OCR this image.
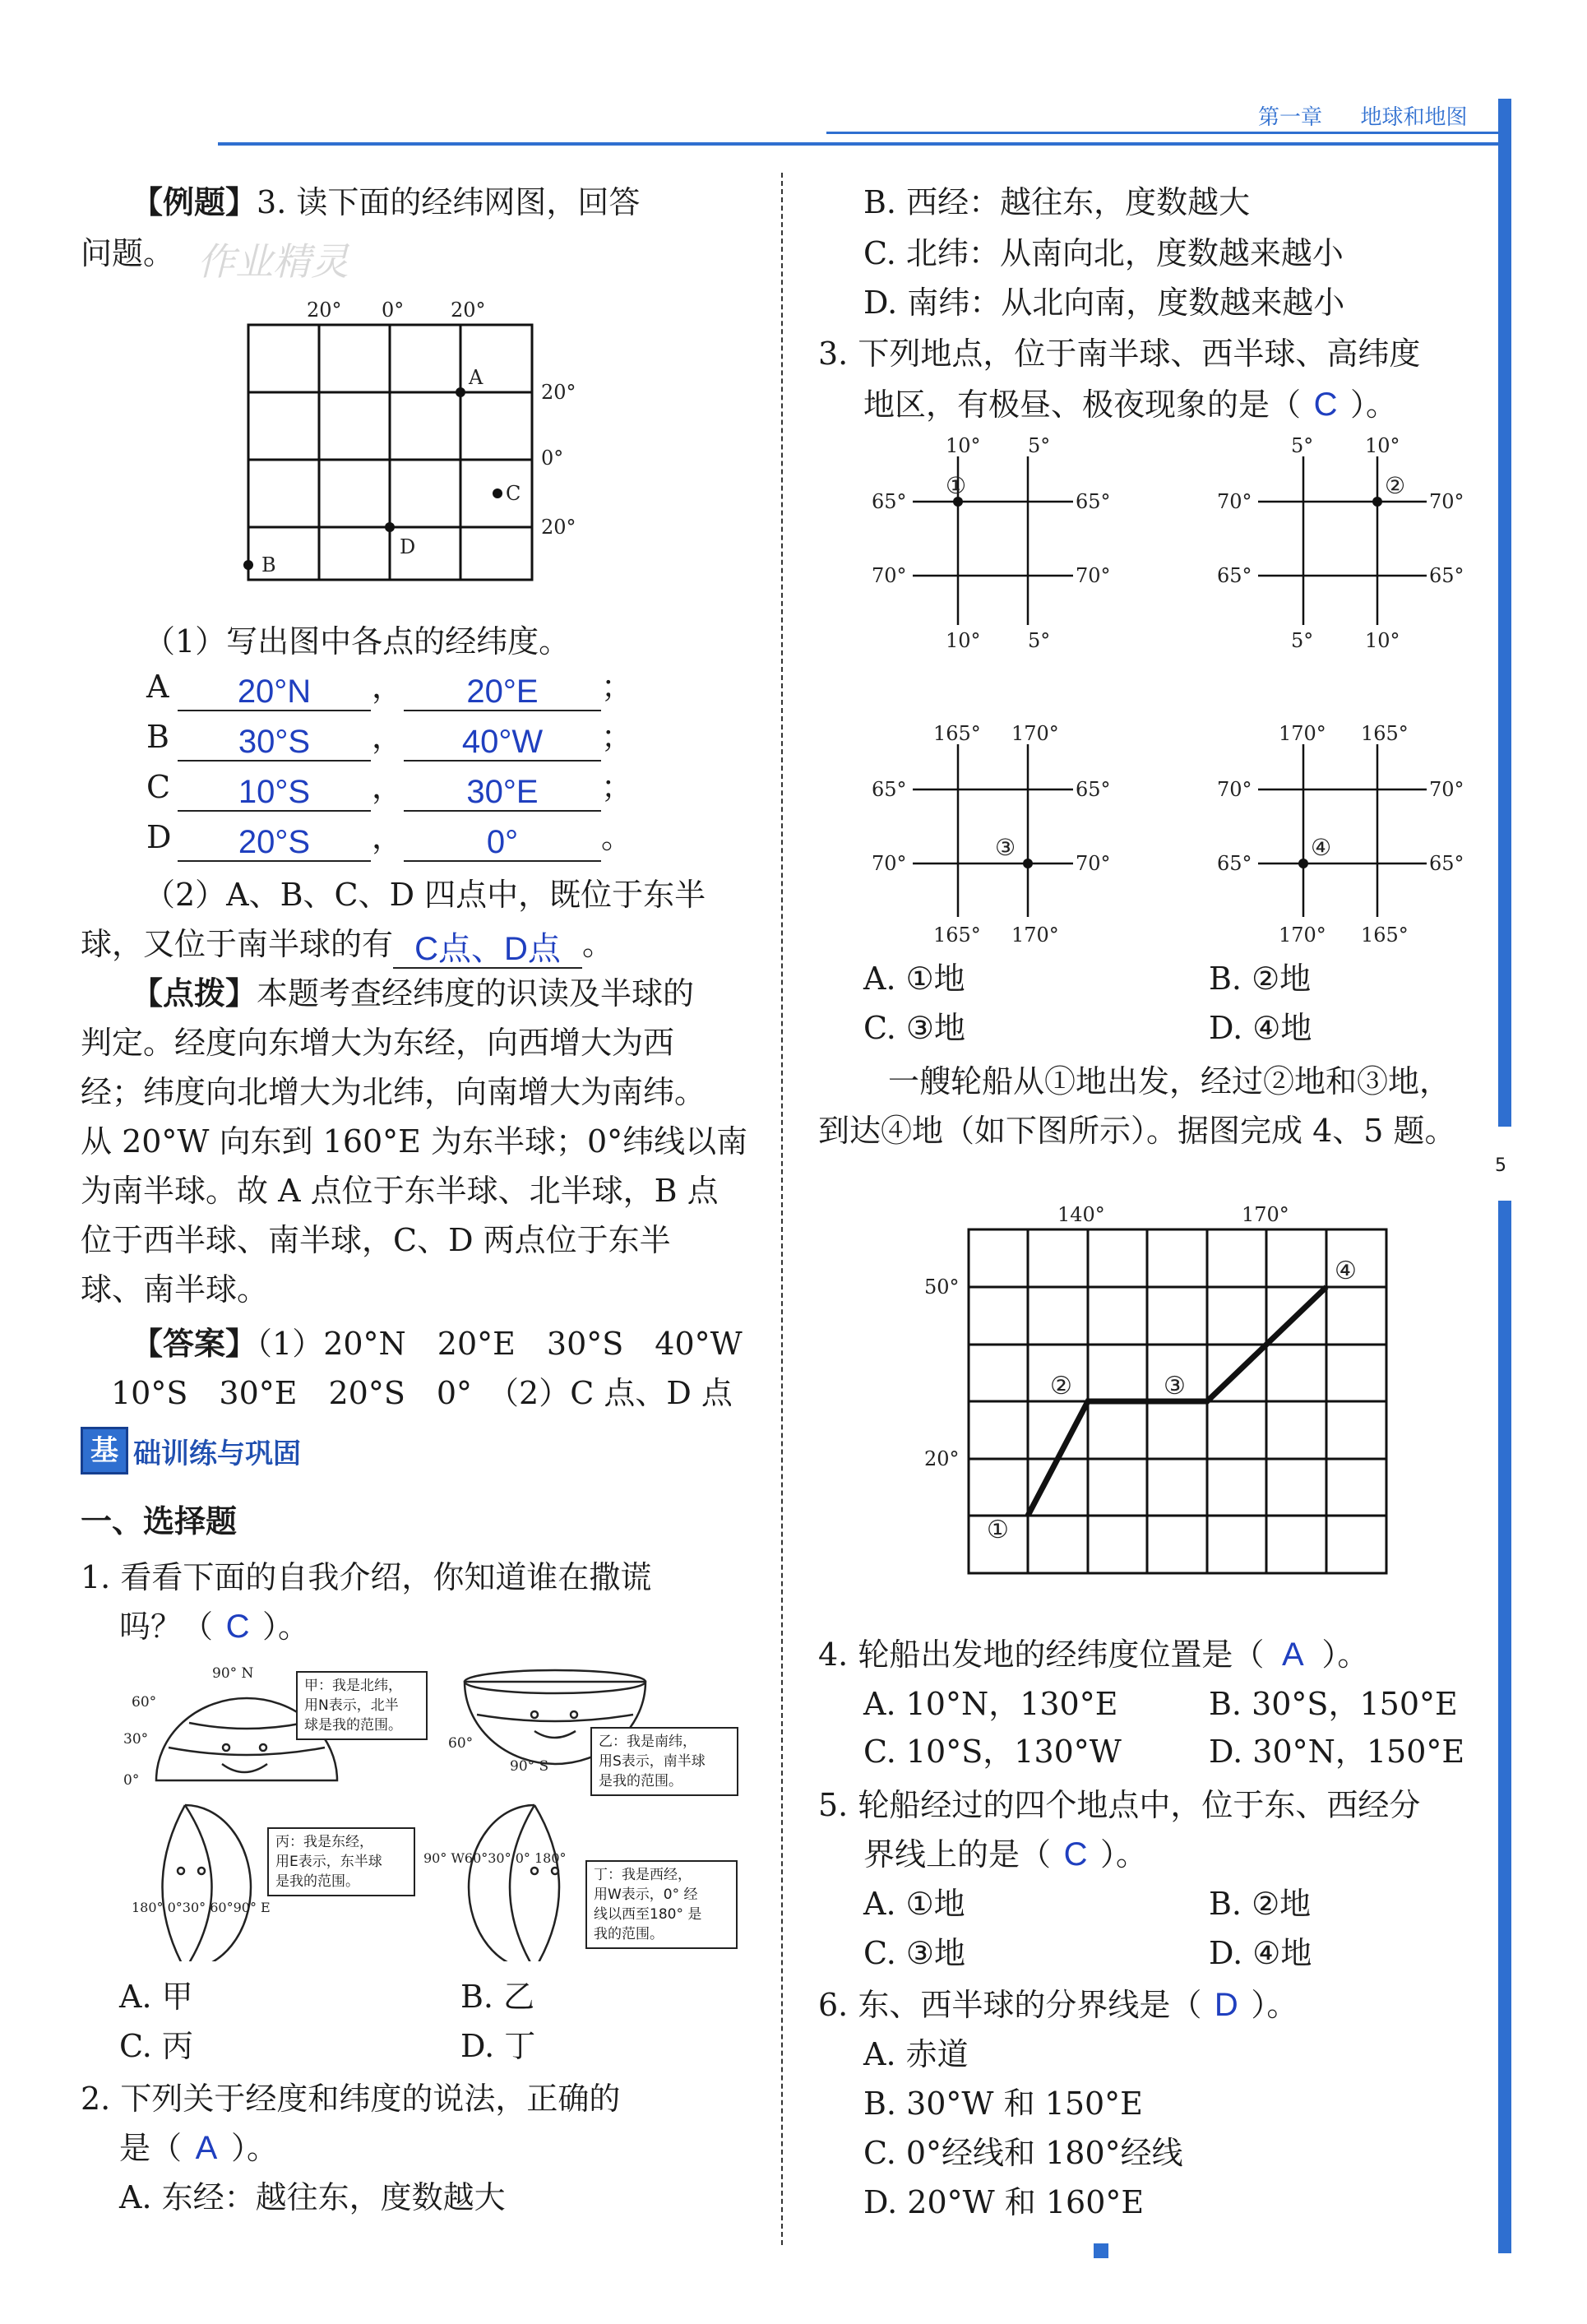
第一章 地球和地图
5
【例题】3. 读下面的经纬网图，回答
问题。 作业精灵
20° 0° 20°
20°
0°
20°
A
B
C
D
（1）写出图中各点的经纬度。
A 20°N ， 20°E ；
B 30°S ， 40°W ；
C 10°S ， 30°E ；
D 20°S ，	0°	。
（2）A、B、C、D 四点中，既位于东半
球，又位于南半球的有 C点、D点 。
【点拨】本题考查经纬度的识读及半球的
判定。经度向东增大为东经，向西增大为西
经；纬度向北增大为北纬，向南增大为南纬。
从 20°W 向东到 160°E 为东半球；0°纬线以南
为南半球。故 A 点位于东半球、北半球，B 点
位于西半球、南半球，C、D 两点位于东半
球、南半球。
【答案】（1）20°N　20°E　30°S　40°W
10°S　30°E　20°S　0°　（2）C 点、D 点
基 础训练与巩固
一、选择题
1. 看看下面的自我介绍，你知道谁在撒谎
吗？（ C ）。
90° N
60°
30°
0°
60°
90° S
180° 0°30° 60°90° E
90° W60°30° 0° 180°
甲：我是北纬，
用N表示，北半
球是我的范围。
乙：我是南纬，
用S表示，南半球
是我的范围。
丙：我是东经，
用E表示，东半球
是我的范围。	丁：我是西经，
用W表示，0° 经
线以西至180° 是
我的范围。
A. 甲	B. 乙
C. 丙	D. 丁
2. 下列关于经度和纬度的说法，正确的
是（ A ）。
A. 东经：越往东，度数越大
B. 西经：越往东，度数越大
C. 北纬：从南向北，度数越来越小
D. 南纬：从北向南，度数越来越小
3. 下列地点，位于南半球、西半球、高纬度
地区，有极昼、极夜现象的是（ C ）。
①
10° 5°
10° 5°
65°
70°
65°
70°
②
5°	10°
5°	10°
70°
65°
70°
65°
③
165° 170°
165° 170°
65°
70°
65°
70°
④
170° 165°
170° 165°
70°
65°
70°
65°
A. ①地	B. ②地
C. ③地	D. ④地
一艘轮船从①地出发，经过②地和③地，
到达④地（如下图所示）。据图完成 4、5 题。
140°	170°
50°
20°
①
②	③
④
4. 轮船出发地的经纬度位置是（ A ）。
A. 10°N，130°E	B. 30°S，150°E
C. 10°S，130°W	D. 30°N，150°E
5. 轮船经过的四个地点中，位于东、西经分
界线上的是（ C ）。
A. ①地	B. ②地
C. ③地	D. ④地
6. 东、西半球的分界线是（ D ）。
A. 赤道
B. 30°W 和 150°E
C. 0°经线和 180°经线
D. 20°W 和 160°E
